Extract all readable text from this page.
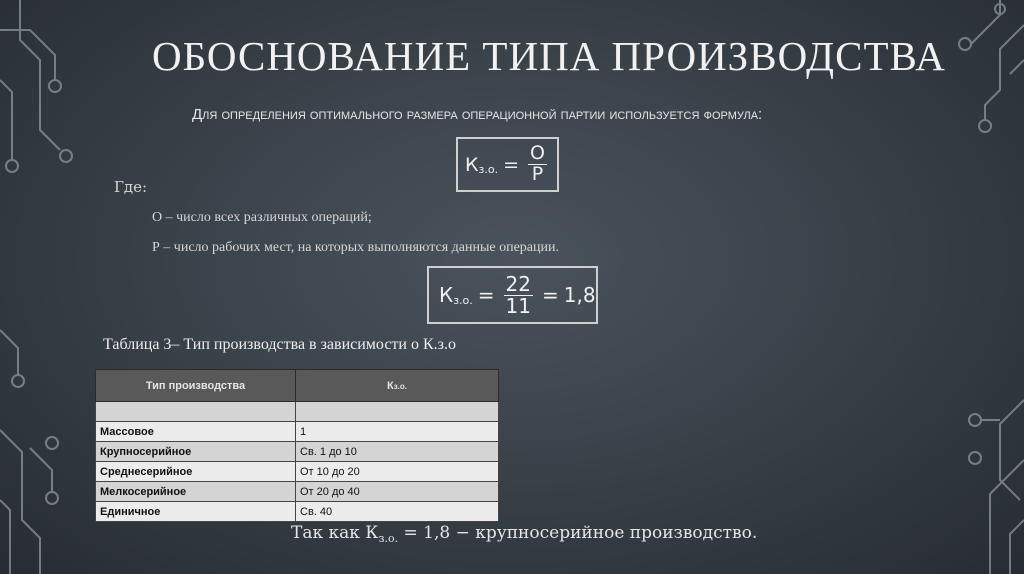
ОБОСНОВАНИЕ ТИПА ПРОИЗВОДСТВА
Для определения оптимального размера операционной партии используется формула:
К з.о. = $\frac{О}{Р}$
Где:
О – число всех различных операций;
Р – число рабочих мест, на которых выполняются данные операции.
К з.о. = $\frac{22}{11} = 1,8$
Таблица 3– Тип производства в зависимости о К.з.о
Тип производства	Кз.о.

Массовое	1
Крупносерийное	Св. 1 до 10
Среднесерийное	От 10 до 20
Мелкосерийное	От 20 до 40
Единичное	Св. 40
Так как $К_{з.о.} = 1,8$ − крупносерийное производство.
